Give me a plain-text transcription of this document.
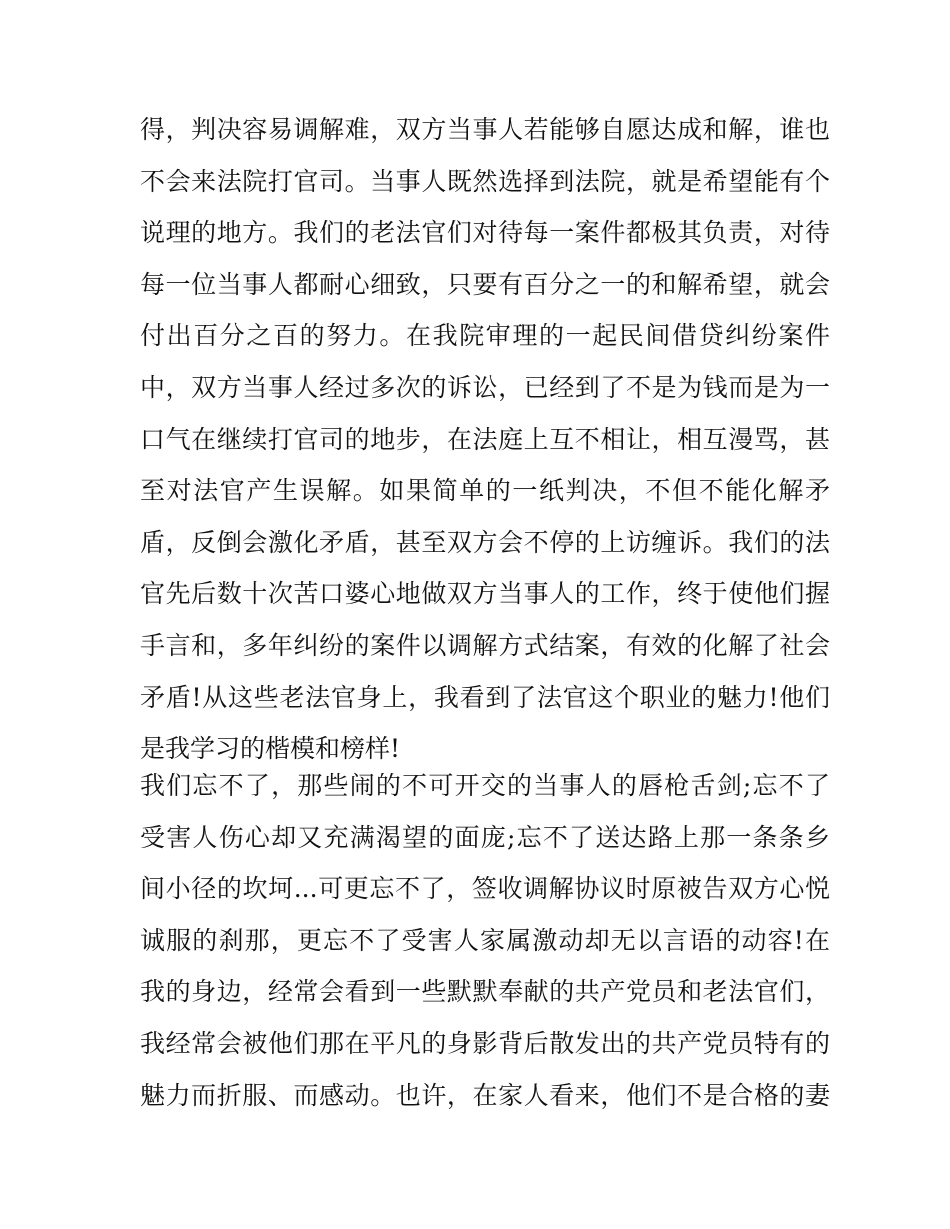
得，判决容易调解难，双方当事人若能够自愿达成和解，谁也
不会来法院打官司。当事人既然选择到法院，就是希望能有个
说理的地方。我们的老法官们对待每一案件都极其负责，对待
每一位当事人都耐心细致，只要有百分之一的和解希望，就会
付出百分之百的努力。在我院审理的一起民间借贷纠纷案件
中，双方当事人经过多次的诉讼，已经到了不是为钱而是为一
口气在继续打官司的地步，在法庭上互不相让，相互漫骂，甚
至对法官产生误解。如果简单的一纸判决，不但不能化解矛
盾，反倒会激化矛盾，甚至双方会不停的上访缠诉。我们的法
官先后数十次苦口婆心地做双方当事人的工作，终于使他们握
手言和，多年纠纷的案件以调解方式结案，有效的化解了社会
矛盾!从这些老法官身上，我看到了法官这个职业的魅力!他们
是我学习的楷模和榜样!
我们忘不了，那些闹的不可开交的当事人的唇枪舌剑;忘不了
受害人伤心却又充满渴望的面庞;忘不了送达路上那一条条乡
间小径的坎坷...可更忘不了，签收调解协议时原被告双方心悦
诚服的刹那，更忘不了受害人家属激动却无以言语的动容!在
我的身边，经常会看到一些默默奉献的共产党员和老法官们，
我经常会被他们那在平凡的身影背后散发出的共产党员特有的
魅力而折服、而感动。也许，在家人看来，他们不是合格的妻
